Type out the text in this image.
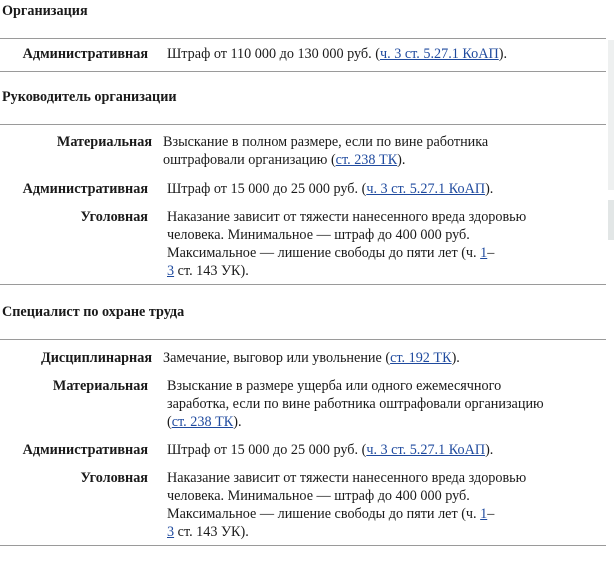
Организация
Административная Штраф от 110 000 до 130 000 руб. (ч. 3 ст. 5.27.1 КоАП).
Руководитель организации
Материальная Взыскание в полном размере, если по вине работника
оштрафовали организацию (ст. 238 ТК).
Административная Штраф от 15 000 до 25 000 руб. (ч. 3 ст. 5.27.1 КоАП).
Уголовная Наказание зависит от тяжести нанесенного вреда здоровью
человека. Минимальное — штраф до 400 000 руб.
Максимальное — лишение свободы до пяти лет (ч. 1–
3 ст. 143 УК).
Специалист по охране труда
Дисциплинарная Замечание, выговор или увольнение (ст. 192 ТК).
Материальная Взыскание в размере ущерба или одного ежемесячного
заработка, если по вине работника оштрафовали организацию
(ст. 238 ТК).
Административная Штраф от 15 000 до 25 000 руб. (ч. 3 ст. 5.27.1 КоАП).
Уголовная Наказание зависит от тяжести нанесенного вреда здоровью
человека. Минимальное — штраф до 400 000 руб.
Максимальное — лишение свободы до пяти лет (ч. 1–
3 ст. 143 УК).
